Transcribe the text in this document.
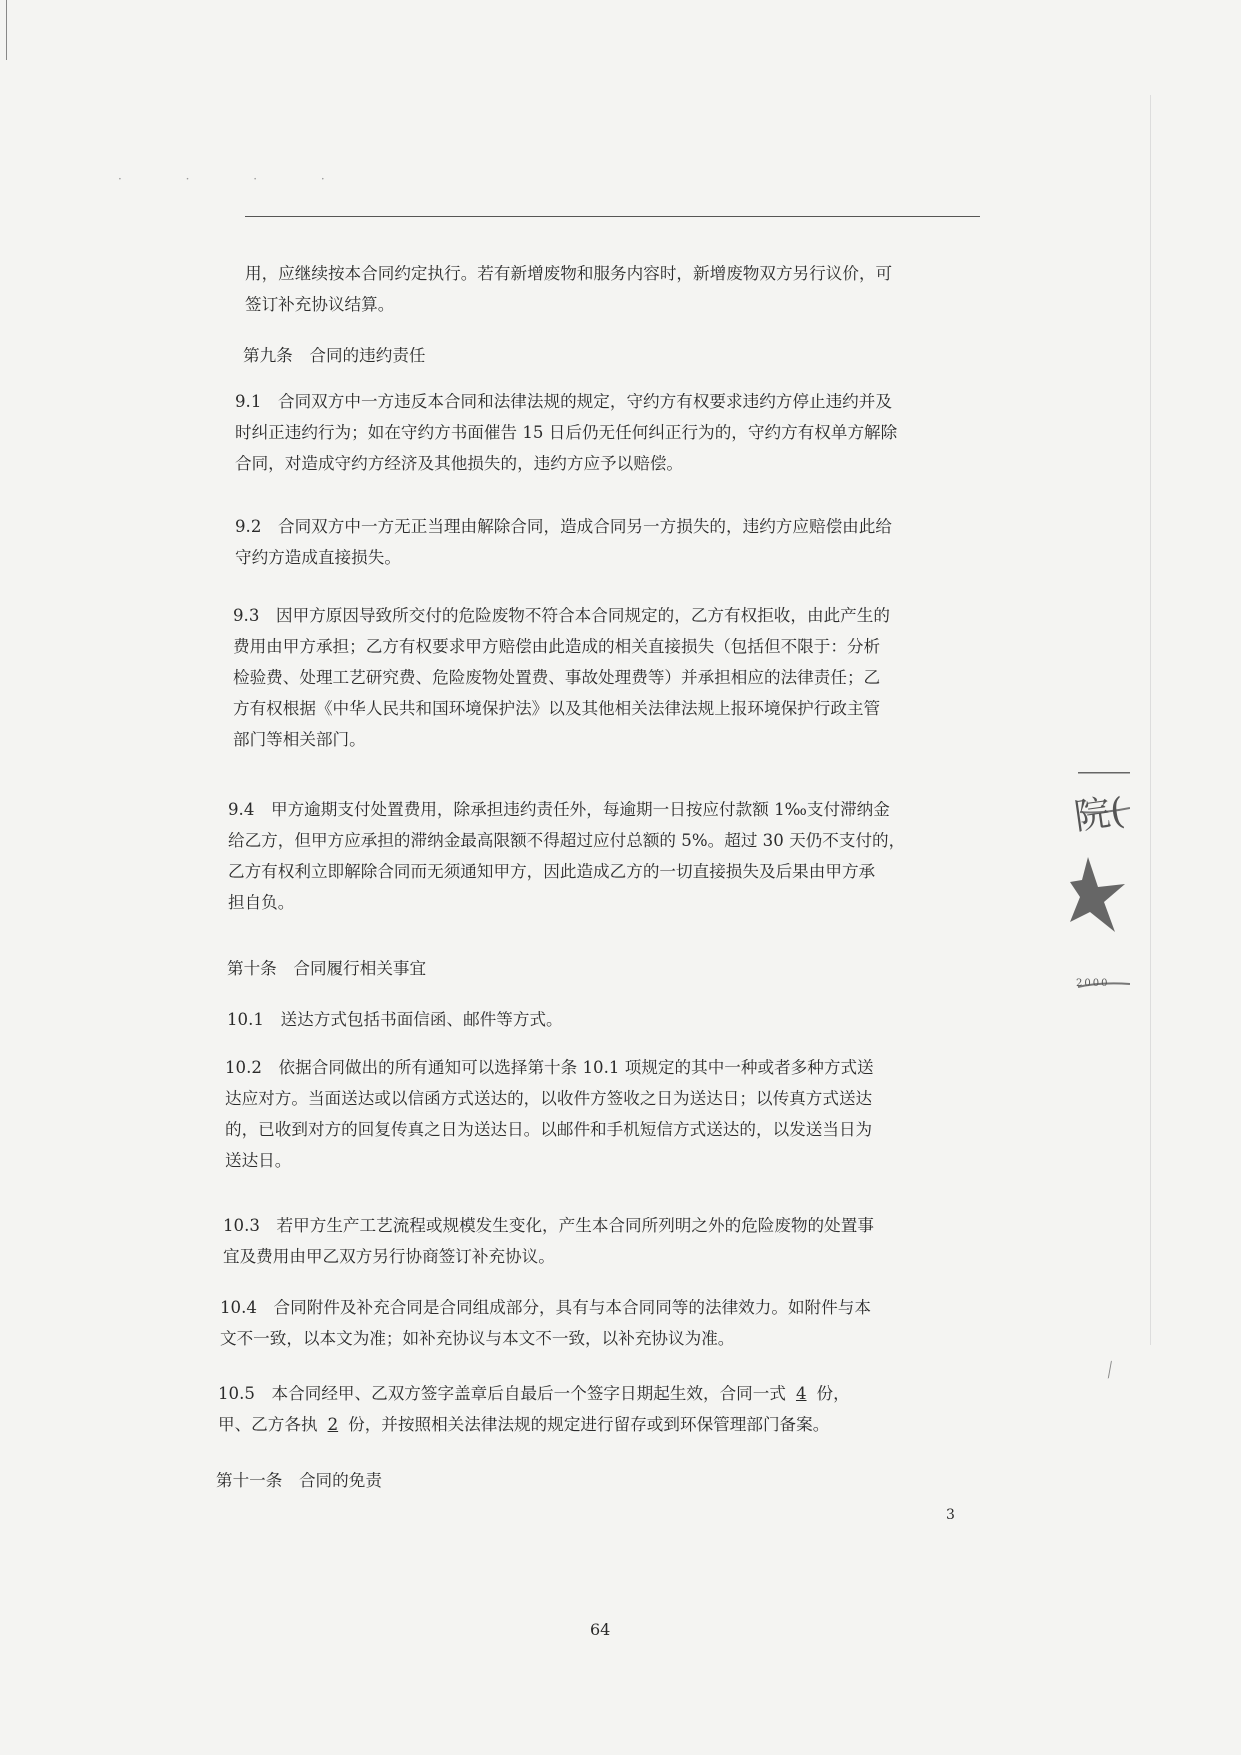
· · · ·
用，应继续按本合同约定执行。若有新增废物和服务内容时，新增废物双方另行议价，可
签订补充协议结算。
第九条　合同的违约责任
9.1　合同双方中一方违反本合同和法律法规的规定，守约方有权要求违约方停止违约并及
时纠正违约行为；如在守约方书面催告 15 日后仍无任何纠正行为的，守约方有权单方解除
合同，对造成守约方经济及其他损失的，违约方应予以赔偿。
9.2　合同双方中一方无正当理由解除合同，造成合同另一方损失的，违约方应赔偿由此给
守约方造成直接损失。
9.3　因甲方原因导致所交付的危险废物不符合本合同规定的，乙方有权拒收，由此产生的
费用由甲方承担；乙方有权要求甲方赔偿由此造成的相关直接损失（包括但不限于：分析
检验费、处理工艺研究费、危险废物处置费、事故处理费等）并承担相应的法律责任；乙
方有权根据《中华人民共和国环境保护法》以及其他相关法律法规上报环境保护行政主管
部门等相关部门。
9.4　甲方逾期支付处置费用，除承担违约责任外，每逾期一日按应付款额 1‰支付滞纳金
给乙方，但甲方应承担的滞纳金最高限额不得超过应付总额的 5%。超过 30 天仍不支付的，
乙方有权利立即解除合同而无须通知甲方，因此造成乙方的一切直接损失及后果由甲方承
担自负。
第十条　合同履行相关事宜
10.1　送达方式包括书面信函、邮件等方式。
10.2　依据合同做出的所有通知可以选择第十条 10.1 项规定的其中一种或者多种方式送
达应对方。当面送达或以信函方式送达的，以收件方签收之日为送达日；以传真方式送达
的，已收到对方的回复传真之日为送达日。以邮件和手机短信方式送达的，以发送当日为
送达日。
10.3　若甲方生产工艺流程或规模发生变化，产生本合同所列明之外的危险废物的处置事
宜及费用由甲乙双方另行协商签订补充协议。
10.4　合同附件及补充合同是合同组成部分，具有与本合同同等的法律效力。如附件与本
文不一致，以本文为准；如补充协议与本文不一致，以补充协议为准。
10.5　本合同经甲、乙双方签字盖章后自最后一个签字日期起生效，合同一式 4 份，
甲、乙方各执 2 份，并按照相关法律法规的规定进行留存或到环保管理部门备案。
第十一条　合同的免责
3
64
院(
2000
⟋
